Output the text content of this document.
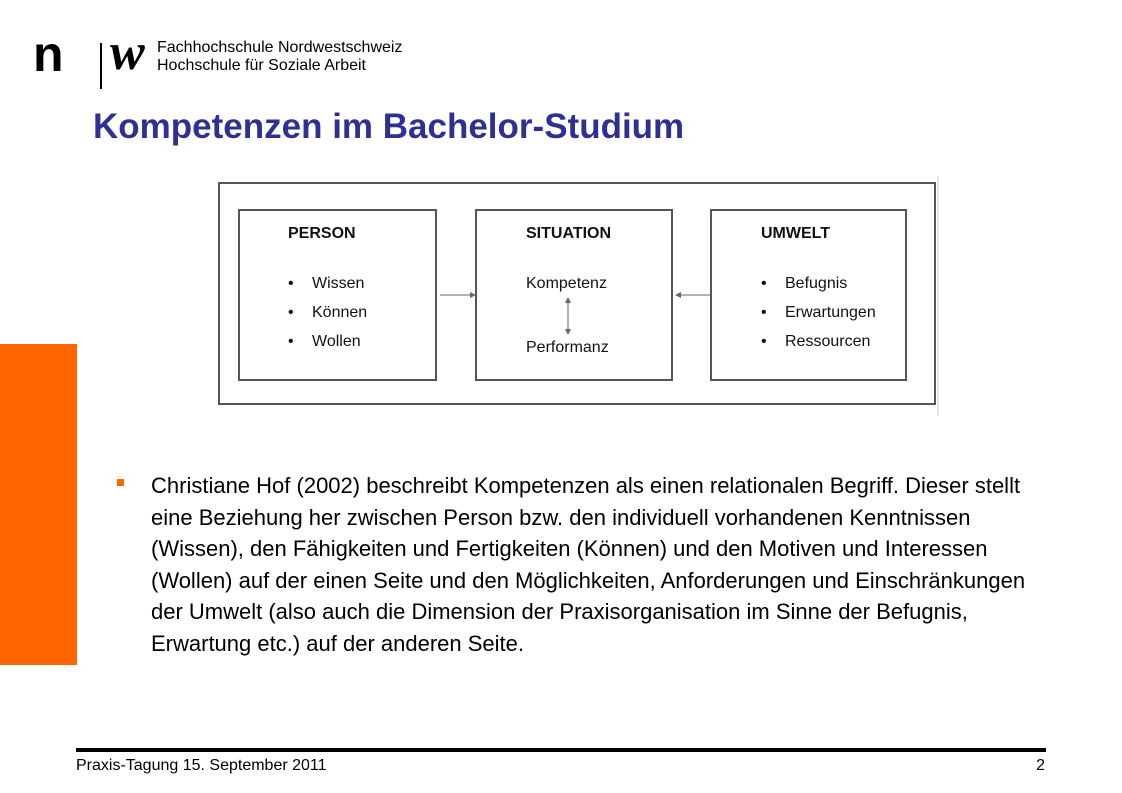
n w Fachhochschule Nordwestschweiz
Hochschule für Soziale Arbeit
Kompetenzen im Bachelor-Studium
PERSON
• Wissen
• Können
• Wollen
SITUATION
Kompetenz
Performanz
UMWELT
• Befugnis
• Erwartungen
• Ressourcen

Christiane Hof (2002) beschreibt Kompetenzen als einen relationalen Begriff. Dieser stellt eine Beziehung her zwischen Person bzw. den individuell vorhandenen Kenntnissen (Wissen), den Fähigkeiten und Fertigkeiten (Können) und den Motiven und Interessen (Wollen) auf der einen Seite und den Möglichkeiten, Anforderungen und Einschränkungen der Umwelt (also auch die Dimension der Praxisorganisation im Sinne der Befugnis, Erwartung etc.) auf der anderen Seite.

Praxis-Tagung 15. September 2011	2
